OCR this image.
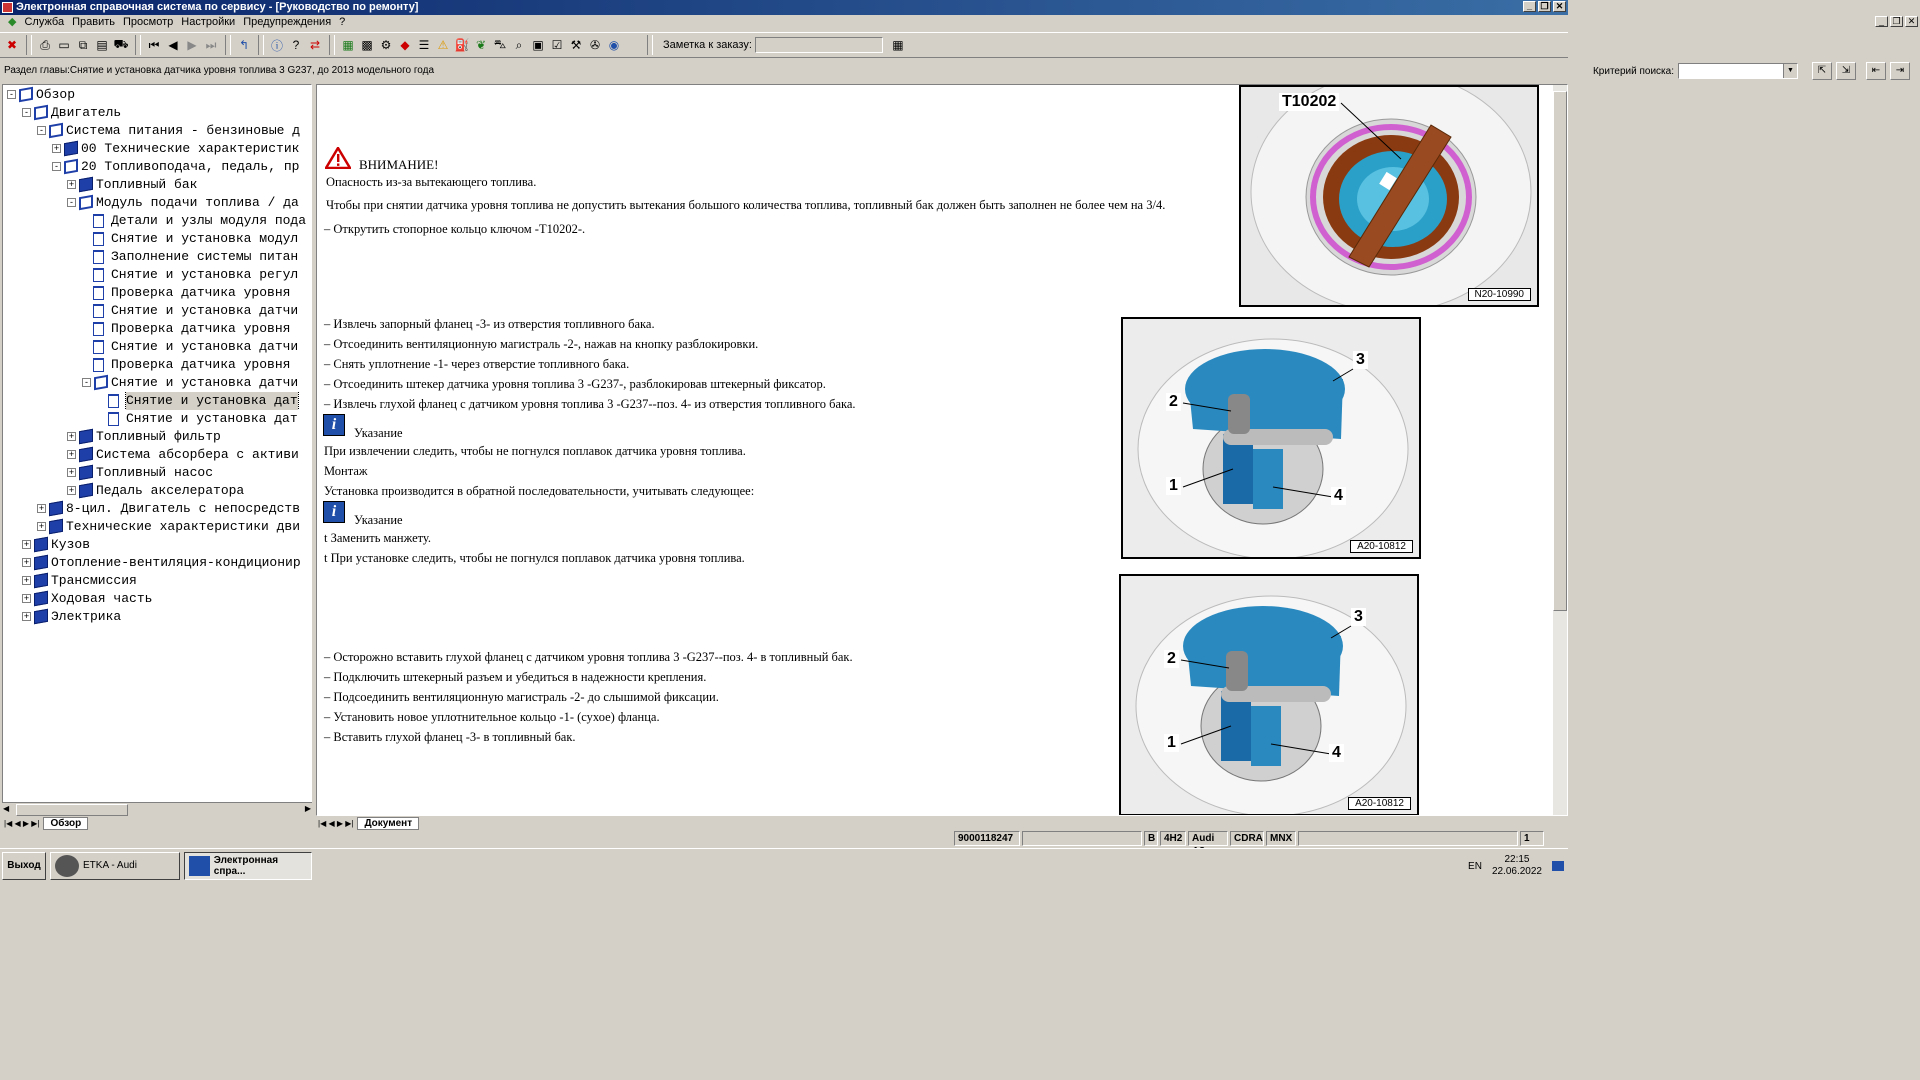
Электронная справочная система по сервису - [Руководство по ремонту]	_ ❐ ✕
◆ Служба Править Просмотр Настройки Предупреждения ?	_ ❐ ✕
✖ ⎙ ▭ ⧉ ▤ ⛟ ⏮ ◀ ▶ ⏭ ↰ ⓘ ? ⇄ ▦ ▩ ⚙ ◆ ☰ ⚠ ⛽ ❦ ⛍ ⌕ ▣ ☑ ⚒ ✇ ◉	Заметка к заказу:	▦
Раздел главы:Снятие и установка датчика уровня топлива 3 G237, до 2013 модельного года	Критерий поиска:
▼	⇱	⇲	⇤	⇥
- Обзор
- Двигатель
- Система питания - бензиновые д
+ 00 Технические характеристик
- 20 Топливоподача, педаль, пр
+ Топливный бак
- Модуль подачи топлива / да
Детали и узлы модуля пода
Снятие и установка модул
Заполнение системы питан
Снятие и установка регул
Проверка датчика уровня
Снятие и установка датчи
Проверка датчика уровня
Снятие и установка датчи
Проверка датчика уровня
- Снятие и установка датчи
Снятие и установка дат
Снятие и установка дат
+ Топливный фильтр
+ Система абсорбера с активи
+ Топливный насос
+ Педаль акселератора
+ 8-цил. Двигатель с непосредств
+ Технические характеристики дви
+ Кузов
+ Отопление-вентиляция-кондиционир
+ Трансмиссия
+ Ходовая часть
+ Электрика
◀	▶
|◀ ◀ ▶ ▶|	Обзор	|◀ ◀ ▶ ▶|	Документ
ВНИМАНИЕ!
Опасность из-за вытекающего топлива.
Чтобы при снятии датчика уровня топлива не допустить вытекания большого количества топлива, топливный бак должен быть заполнен не более чем на 3/4.
– Открутить стопорное кольцо ключом -T10202-.
– Извлечь запорный фланец -3- из отверстия топливного бака.
– Отсоединить вентиляционную магистраль -2-, нажав на кнопку разблокировки.
– Снять уплотнение -1- через отверстие топливного бака.
– Отсоединить штекер датчика уровня топлива 3 -G237-, разблокировав штекерный фиксатор.
– Извлечь глухой фланец с датчиком уровня топлива 3 -G237--поз. 4- из отверстия топливного бака.
i	Указание
При извлечении следить, чтобы не погнулся поплавок датчика уровня топлива.
Монтаж
Установка производится в обратной последовательности, учитывать следующее:
i	Указание
t Заменить манжету.
t При установке следить, чтобы не погнулся поплавок датчика уровня топлива.
– Осторожно вставить глухой фланец с датчиком уровня топлива 3 -G237--поз. 4- в топливный бак.
– Подключить штекерный разъем и убедиться в надежности крепления.
– Подсоединить вентиляционную магистраль -2- до слышимой фиксации.
– Установить новое уплотнительное кольцо -1- (сухое) фланца.
– Вставить глухой фланец -3- в топливный бак.
T10202
N20-10990
2
3
1
4
A20-10812
2
3
1
4
A20-10812
9000118247	B 4H2 Audi	CDRA MNX	1
Выход	ETKA - Audi	Электронная спра...	EN
22:15
22.06.2022
